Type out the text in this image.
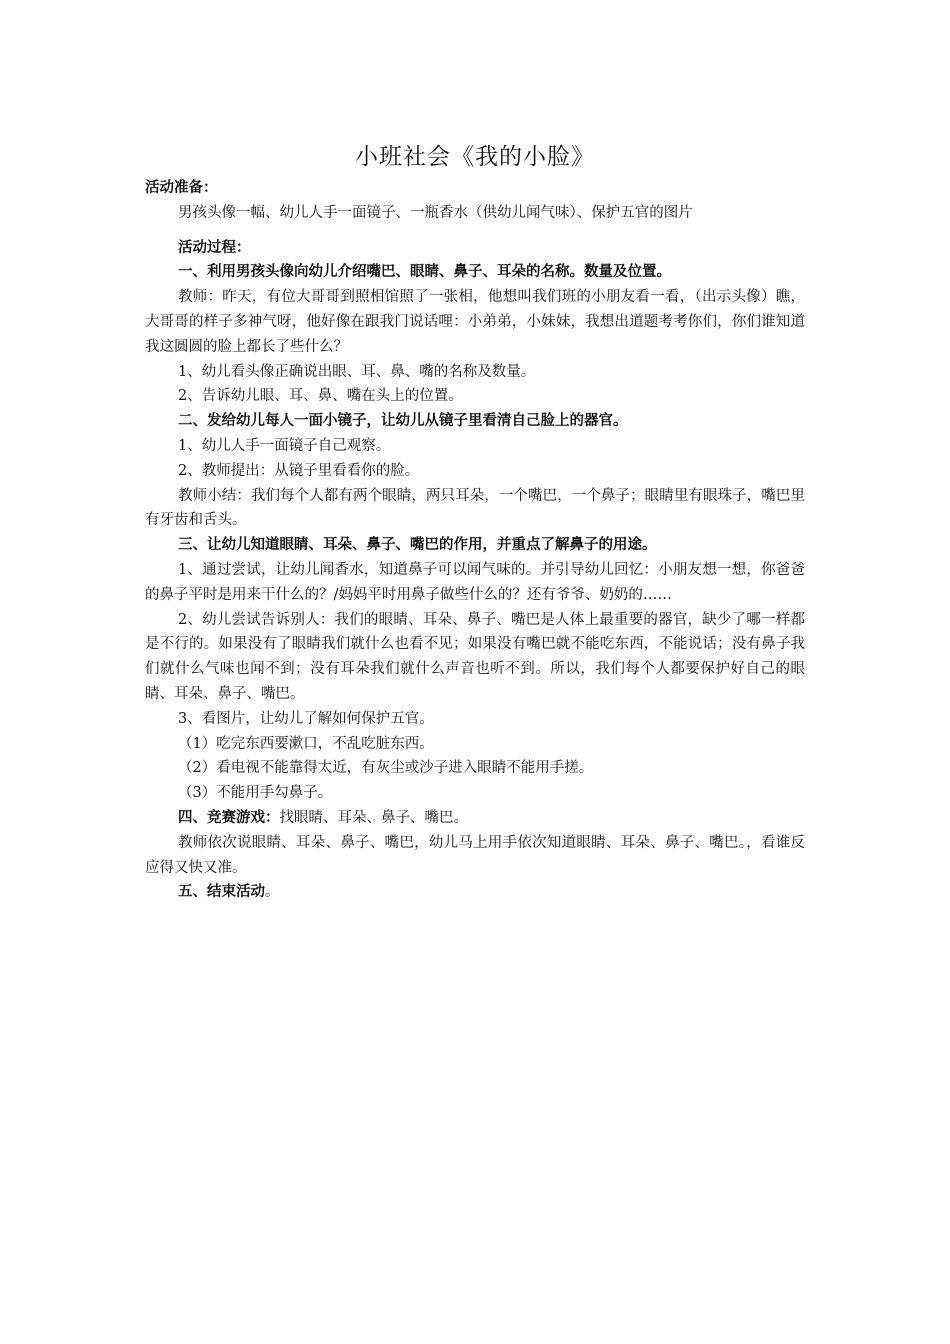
小班社会《我的小脸》

活动准备：

男孩头像一幅、幼儿人手一面镜子、一瓶香水（供幼儿闻气味）、保护五官的图片

活动过程：

一、利用男孩头像向幼儿介绍嘴巴、眼睛、鼻子、耳朵的名称。数量及位置。

教师：昨天，有位大哥哥到照相馆照了一张相，他想叫我们班的小朋友看一看，（出示头像）瞧，大哥哥的样子多神气呀，他好像在跟我门说话哩：小弟弟，小妹妹，我想出道题考考你们，你们谁知道我这圆圆的脸上都长了些什么？

1、幼儿看头像正确说出眼、耳、鼻、嘴的名称及数量。

2、告诉幼儿眼、耳、鼻、嘴在头上的位置。

二、发给幼儿每人一面小镜子，让幼儿从镜子里看清自己脸上的器官。

1、幼儿人手一面镜子自己观察。

2、教师提出：从镜子里看看你的脸。

教师小结：我们每个人都有两个眼睛，两只耳朵，一个嘴巴，一个鼻子；眼睛里有眼珠子，嘴巴里有牙齿和舌头。

三、让幼儿知道眼睛、耳朵、鼻子、嘴巴的作用，并重点了解鼻子的用途。

1、通过尝试，让幼儿闻香水，知道鼻子可以闻气味的。并引导幼儿回忆：小朋友想一想，你爸爸的鼻子平时是用来干什么的？/妈妈平时用鼻子做些什么的？还有爷爷、奶奶的……

2、幼儿尝试告诉别人：我们的眼睛、耳朵、鼻子、嘴巴是人体上最重要的器官，缺少了哪一样都是不行的。如果没有了眼睛我们就什么也看不见；如果没有嘴巴就不能吃东西，不能说话；没有鼻子我们就什么气味也闻不到；没有耳朵我们就什么声音也听不到。所以，我们每个人都要保护好自己的眼睛、耳朵、鼻子、嘴巴。

3、看图片，让幼儿了解如何保护五官。

（1）吃完东西要漱口，不乱吃脏东西。

（2）看电视不能靠得太近，有灰尘或沙子进入眼睛不能用手搓。

（3）不能用手勾鼻子。

四、竞赛游戏：找眼睛、耳朵、鼻子、嘴巴。

教师依次说眼睛、耳朵、鼻子、嘴巴，幼儿马上用手依次知道眼睛、耳朵、鼻子、嘴巴。，看谁反应得又快又准。

五、结束活动。
